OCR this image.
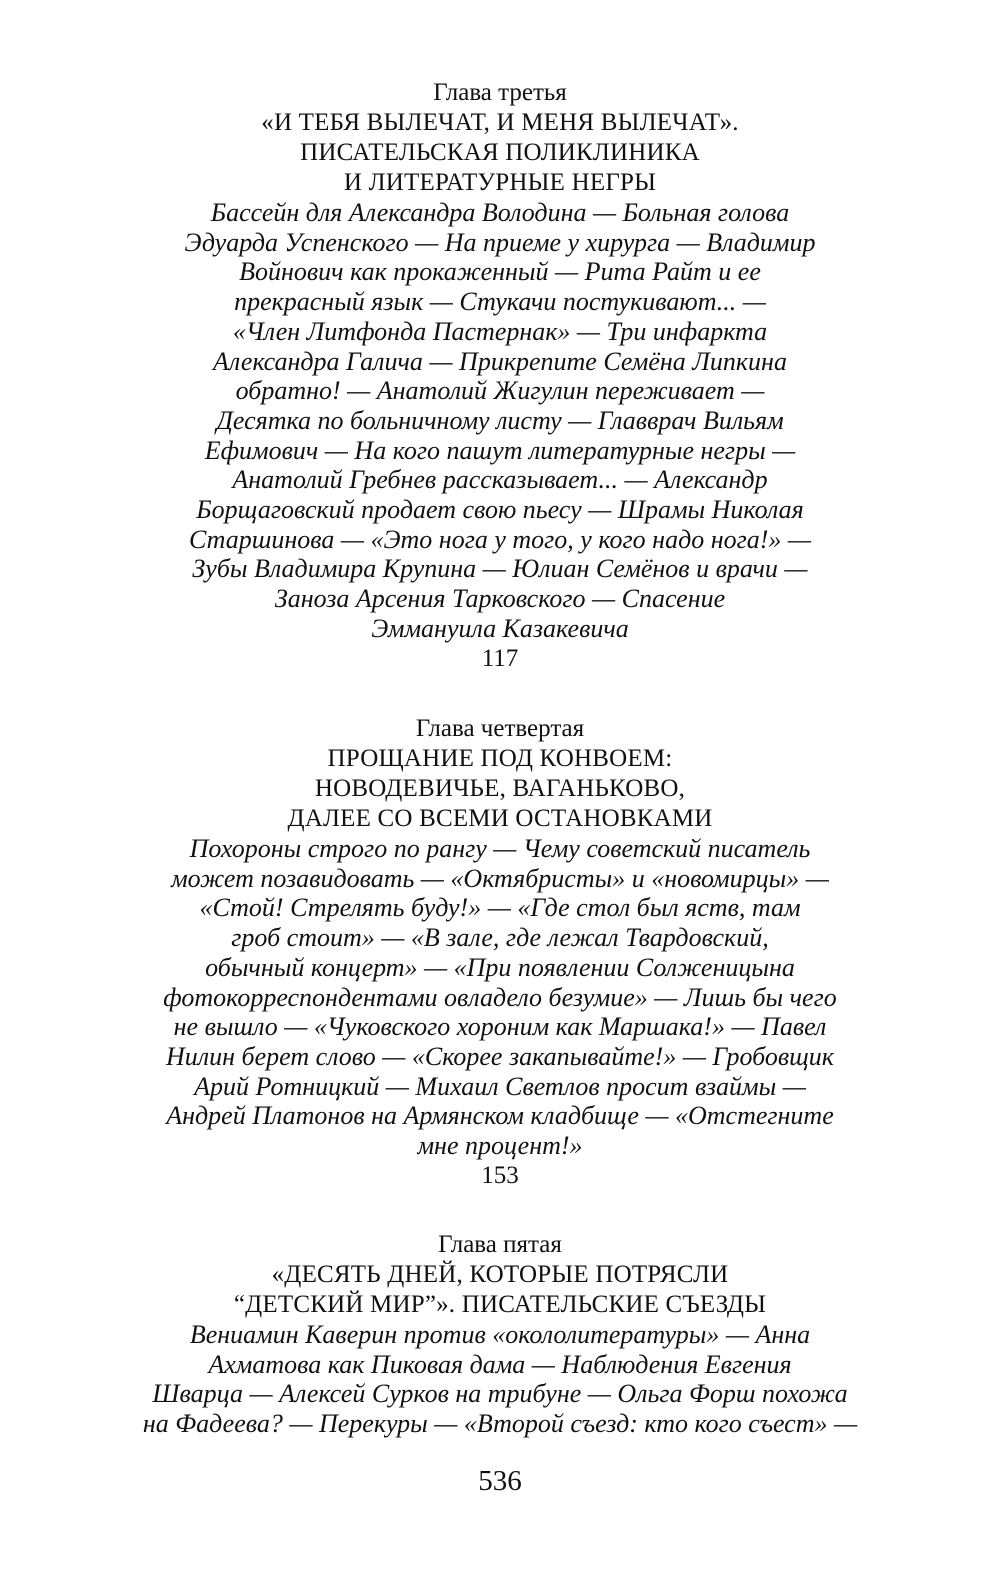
Глава третья
«И ТЕБЯ ВЫЛЕЧАТ, И МЕНЯ ВЫЛЕЧАТ».
ПИСАТЕЛЬСКАЯ ПОЛИКЛИНИКА
И ЛИТЕРАТУРНЫЕ НЕГРЫ
Бассейн для Александра Володина — Больная голова
Эдуарда Успенского — На приеме у хирурга — Владимир
Войнович как прокаженный — Рита Райт и ее
прекрасный язык — Стукачи постукивают... —
«Член Литфонда Пастернак» — Три инфаркта
Александра Галича — Прикрепите Семёна Липкина
обратно! — Анатолий Жигулин переживает —
Десятка по больничному листу — Главврач Вильям
Ефимович — На кого пашут литературные негры —
Анатолий Гребнев рассказывает... — Александр
Борщаговский продает свою пьесу — Шрамы Николая
Старшинова — «Это нога у того, у кого надо нога!» —
Зубы Владимира Крупина — Юлиан Семёнов и врачи —
Заноза Арсения Тарковского — Спасение
Эммануила Казакевича
117
Глава четвертая
ПРОЩАНИЕ ПОД КОНВОЕМ:
НОВОДЕВИЧЬЕ, ВАГАНЬКОВО,
ДАЛЕЕ СО ВСЕМИ ОСТАНОВКАМИ
Похороны строго по рангу — Чему советский писатель
может позавидовать — «Октябристы» и «новомирцы» —
«Стой! Стрелять буду!» — «Где стол был яств, там
гроб стоит» — «В зале, где лежал Твардовский,
обычный концерт» — «При появлении Солженицына
фотокорреспондентами овладело безумие» — Лишь бы чего
не вышло — «Чуковского хороним как Маршака!» — Павел
Нилин берет слово — «Скорее закапывайте!» — Гробовщик
Арий Ротницкий — Михаил Светлов просит взаймы —
Андрей Платонов на Армянском кладбище — «Отстегните
мне процент!»
153
Глава пятая
«ДЕСЯТЬ ДНЕЙ, КОТОРЫЕ ПОТРЯСЛИ
“ДЕТСКИЙ МИР”». ПИСАТЕЛЬСКИЕ СЪЕЗДЫ
Вениамин Каверин против «окололитературы» — Анна
Ахматова как Пиковая дама — Наблюдения Евгения
Шварца — Алексей Сурков на трибуне — Ольга Форш похожа
на Фадеева? — Перекуры — «Второй съезд: кто кого съест» —
536
